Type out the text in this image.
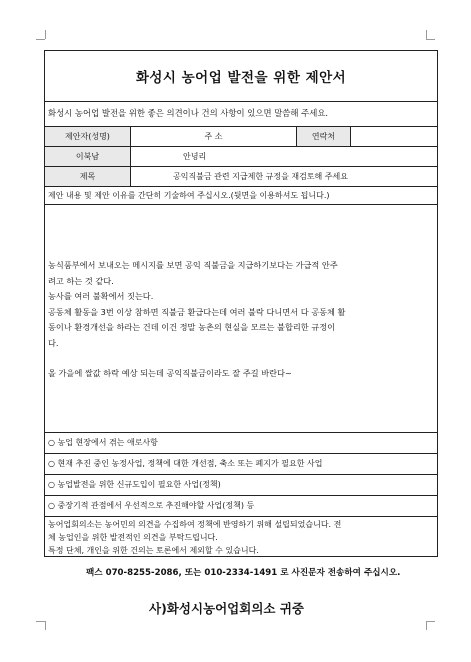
화성시 농어업 발전을 위한 제안서
화성시 농어업 발전을 위한 좋은 의견이나 건의 사항이 있으면 말씀해 주세요.
제안자(성명)	주 소	연락처
이북남	안녕리
제목	공익직불금 관련 지급제한 규정을 재검토해 주세요
제안 내용 및 제안 이유를 간단히 기술하여 주십시오.(뒷면을 이용하셔도 됩니다.)

농식품부에서 보내오는 메시지를 보면 공익 직불금을 지급하기보다는 가급적 안주

려고 하는 것 같다.

농사를 여러 불확에서 짓는다.

공동체 활동을 3번 이상 참하면 직불금 환급다는데 여러 불락 다니면서 다 공동체 활

동이나 환경개선을 하라는 건데 이건 정말 농촌의 현실을 모르는 불합리한 규정이

다.

올 가을에 쌀값 하락 예상 되는데 공익직불금이라도 잘 주길 바란다~

○ 농업 현장에서 겪는 애로사항
○ 현재 추진 중인 농정사업, 정책에 대한 개선점, 축소 또는 폐지가 필요한 사업
○ 농업발전을 위한 신규도입이 필요한 사업(정책)
○ 중장기적 관점에서 우선적으로 추진해야할 사업(정책) 등
농어업회의소는 농어민의 의견을 수집하여 정책에 반영하기 위해 설립되었습니다. 전
체 농업인을 위한 발전적인 의견을 부탁드립니다.
특정 단체, 개인을 위한 건의는 토론에서 제외할 수 있습니다.
팩스 070-8255-2086, 또는 010-2334-1491 로 사진문자 전송하여 주십시오.
사)화성시농어업회의소 귀중
